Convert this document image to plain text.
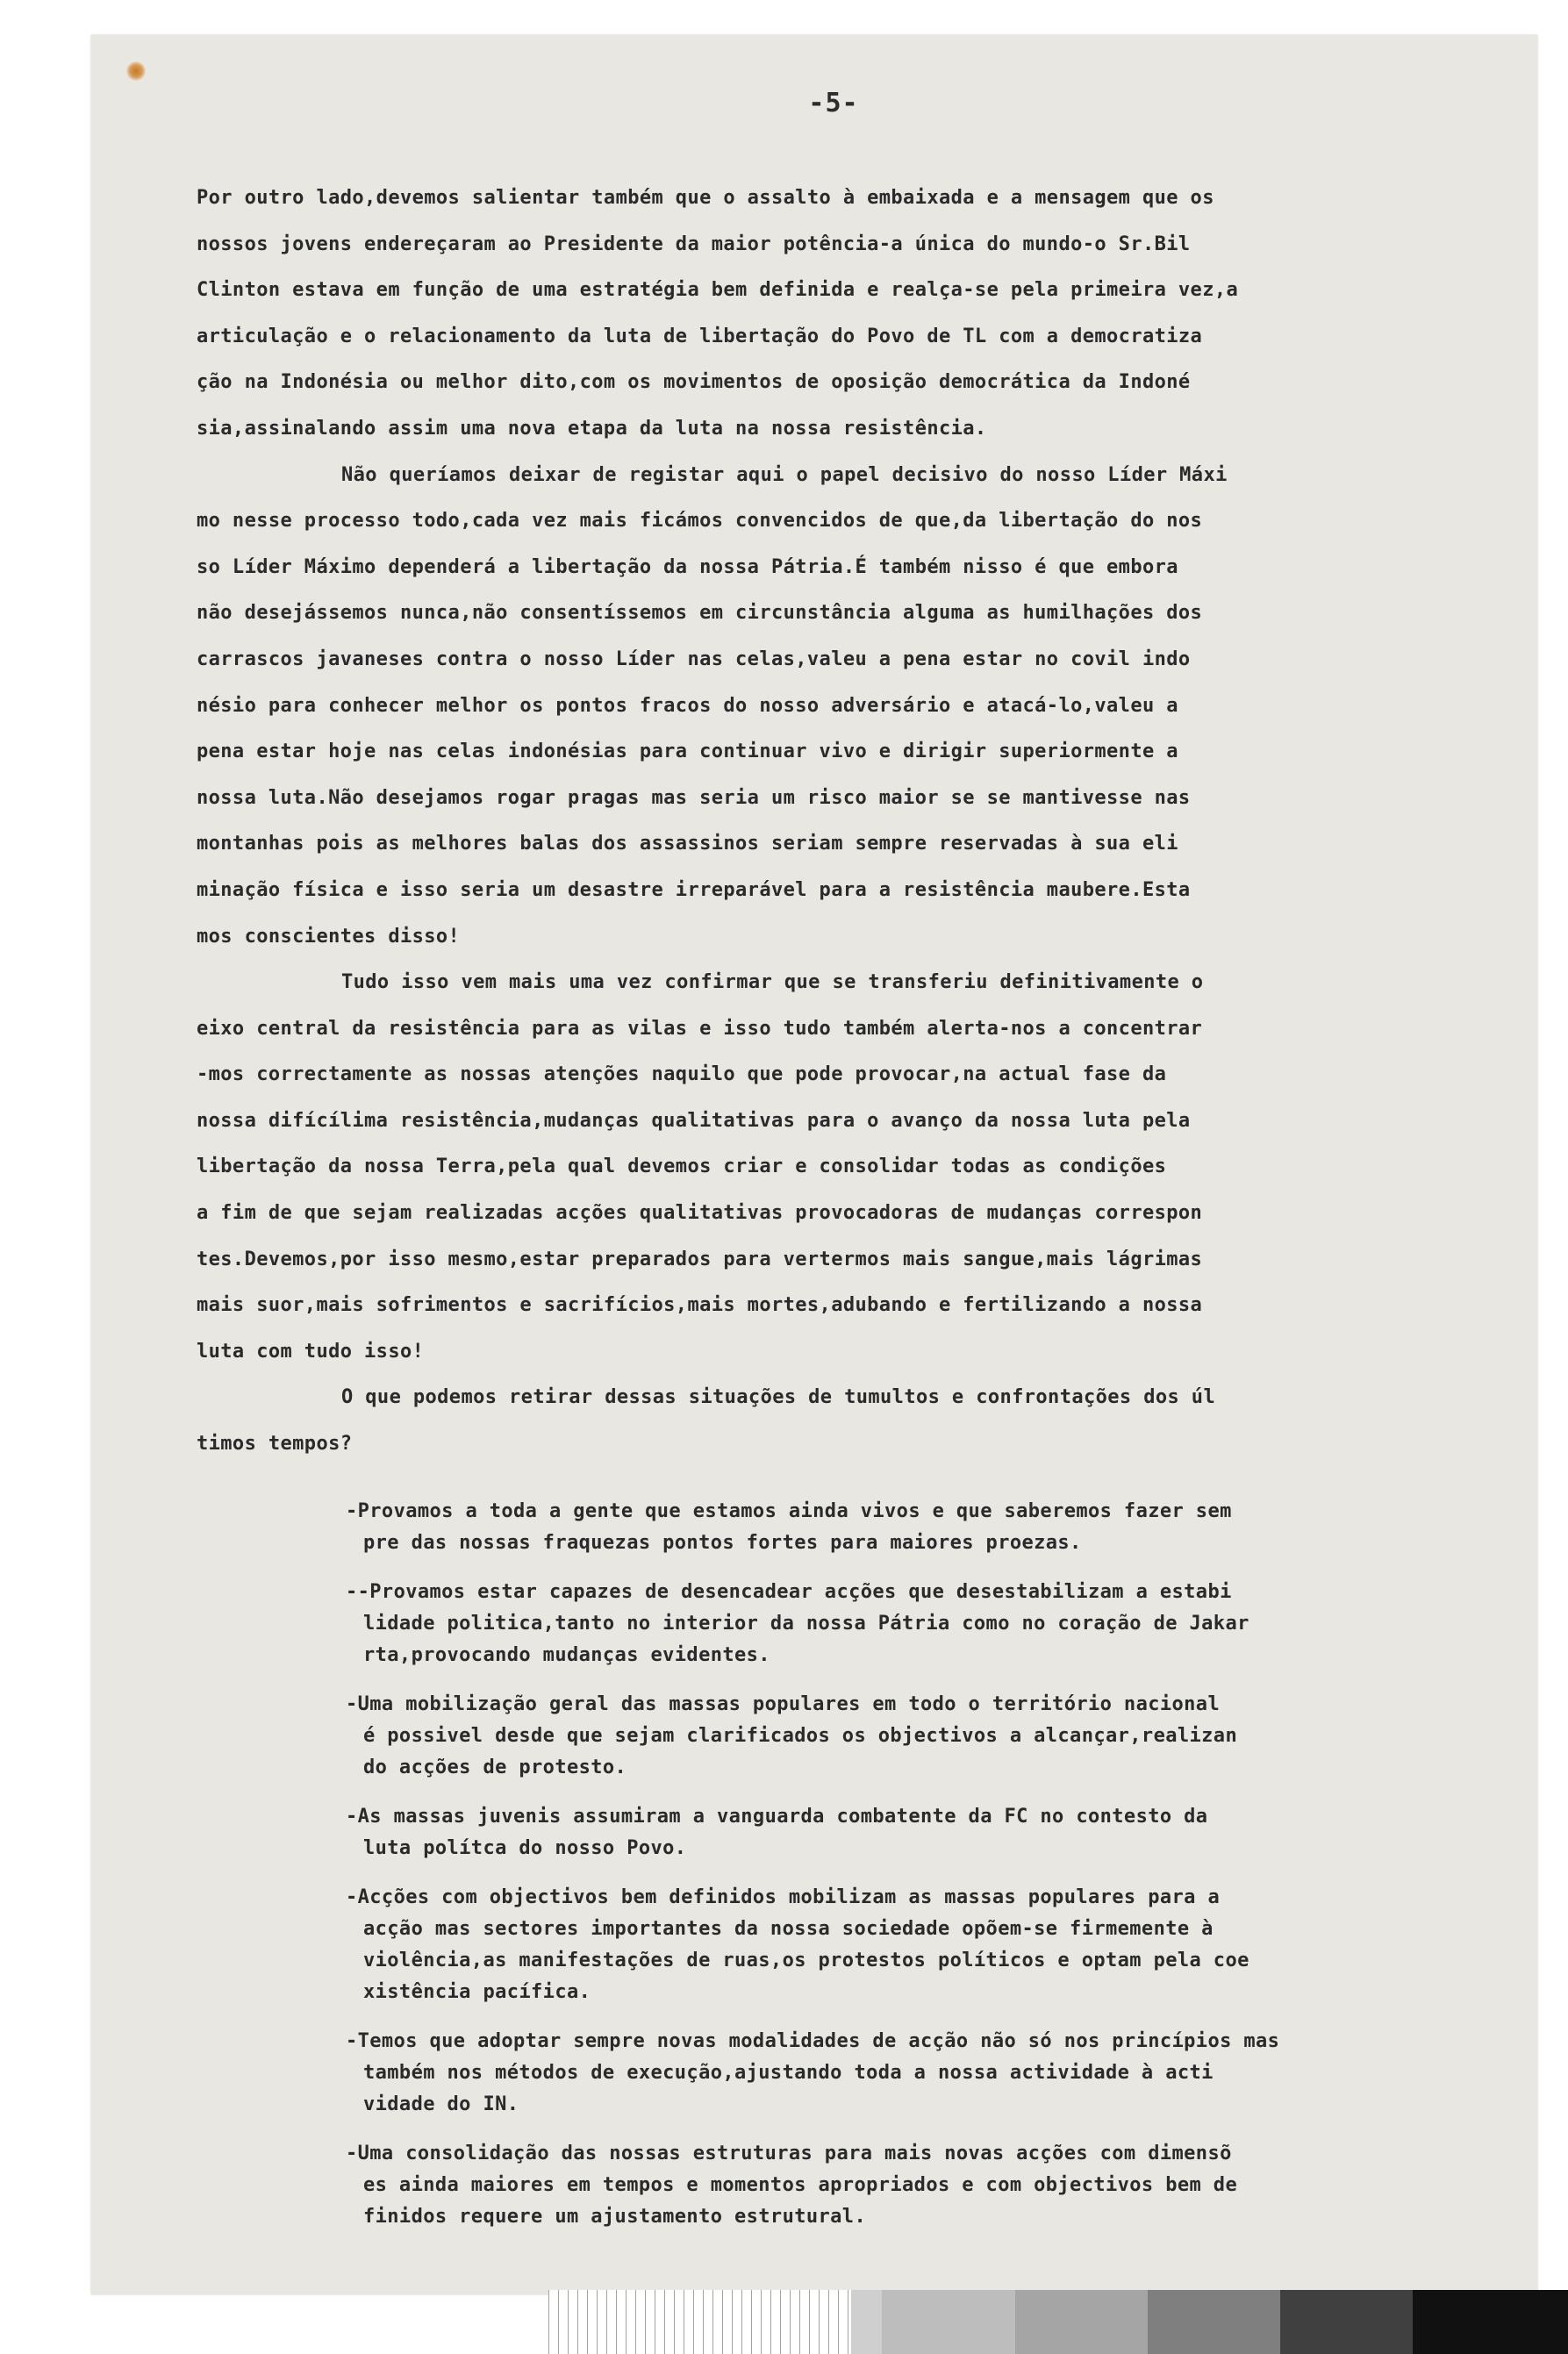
-5-
Por outro lado,devemos salientar também que o assalto à embaixada e a mensagem que os
nossos jovens endereçaram ao Presidente da maior potência-a única do mundo-o Sr.Bil
Clinton estava em função de uma estratégia bem definida e realça-se pela primeira vez,a
articulação e o relacionamento da luta de libertação do Povo de TL com a democratiza
ção na Indonésia ou melhor dito,com os movimentos de oposição democrática da Indoné
sia,assinalando assim uma nova etapa da luta na nossa resistência.
Não queríamos deixar de registar aqui o papel decisivo do nosso Líder Máxi
mo nesse processo todo,cada vez mais ficámos convencidos de que,da libertação do nos
so Líder Máximo dependerá a libertação da nossa Pátria.É também nisso é que embora
não desejássemos nunca,não consentíssemos em circunstância alguma as humilhações dos
carrascos javaneses contra o nosso Líder nas celas,valeu a pena estar no covil indo
nésio para conhecer melhor os pontos fracos do nosso adversário e atacá-lo,valeu a
pena estar hoje nas celas indonésias para continuar vivo e dirigir superiormente a
nossa luta.Não desejamos rogar pragas mas seria um risco maior se se mantivesse nas
montanhas pois as melhores balas dos assassinos seriam sempre reservadas à sua eli
minação física e isso seria um desastre irreparável para a resistência maubere.Esta
mos conscientes disso!
Tudo isso vem mais uma vez confirmar que se transferiu definitivamente o
eixo central da resistência para as vilas e isso tudo também alerta-nos a concentrar
-mos correctamente as nossas atenções naquilo que pode provocar,na actual fase da
nossa difícílima resistência,mudanças qualitativas para o avanço da nossa luta pela
libertação da nossa Terra,pela qual devemos criar e consolidar todas as condições
a fim de que sejam realizadas acções qualitativas provocadoras de mudanças correspon
tes.Devemos,por isso mesmo,estar preparados para vertermos mais sangue,mais lágrimas
mais suor,mais sofrimentos e sacrifícios,mais mortes,adubando e fertilizando a nossa
luta com tudo isso!
O que podemos retirar dessas situações de tumultos e confrontações dos úl
timos tempos?
-Provamos a toda a gente que estamos ainda vivos e que saberemos fazer sem
pre das nossas fraquezas pontos fortes para maiores proezas.
--Provamos estar capazes de desencadear acções que desestabilizam a estabi
lidade politica,tanto no interior da nossa Pátria como no coração de Jakar
rta,provocando mudanças evidentes.
-Uma mobilização geral das massas populares em todo o território nacional
é possivel desde que sejam clarificados os objectivos a alcançar,realizan
do acções de protesto.
-As massas juvenis assumiram a vanguarda combatente da FC no contesto da
luta polítca do nosso Povo.
-Acções com objectivos bem definidos mobilizam as massas populares para a
acção mas sectores importantes da nossa sociedade opõem-se firmemente à
violência,as manifestações de ruas,os protestos políticos e optam pela coe
xistência pacífica.
-Temos que adoptar sempre novas modalidades de acção não só nos princípios mas
também nos métodos de execução,ajustando toda a nossa actividade à acti
vidade do IN.
-Uma consolidação das nossas estruturas para mais novas acções com dimensõ
es ainda maiores em tempos e momentos apropriados e com objectivos bem de
finidos requere um ajustamento estrutural.
